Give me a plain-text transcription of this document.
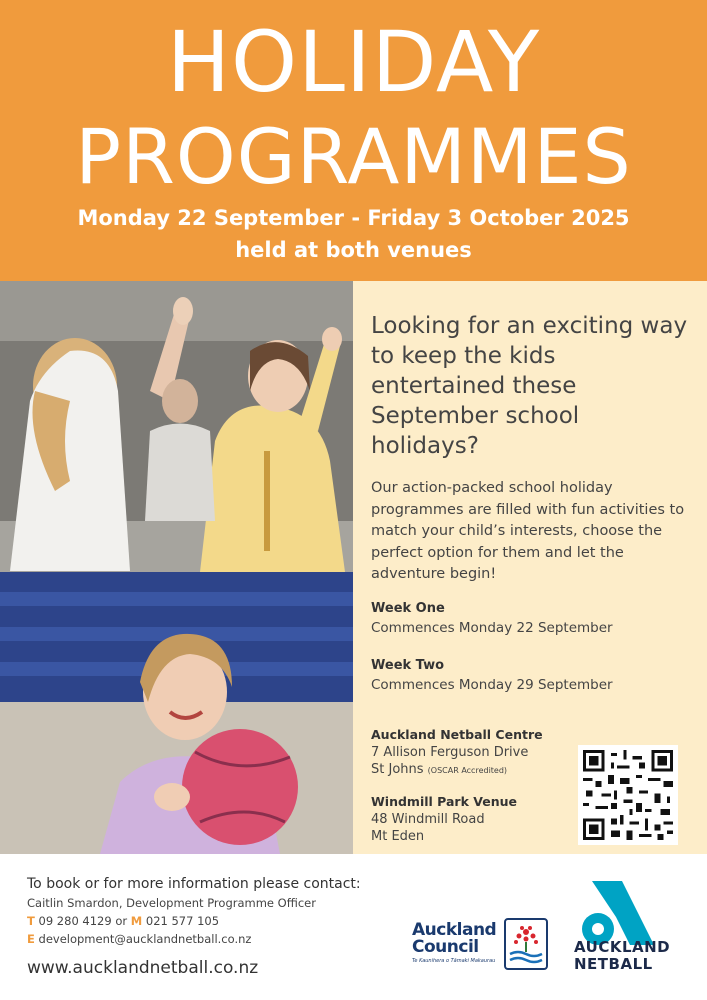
HOLIDAY
PROGRAMMES
Monday 22 September - Friday 3 October 2025
held at both venues
Looking for an exciting way to keep the kids entertained these September school holidays?
Our action-packed school holiday programmes are filled with fun activities to match your child’s interests, choose the perfect option for them and let the adventure begin!
Week One
Commences Monday 22 September
Week Two
Commences Monday 29 September
Auckland Netball Centre
7 Allison Ferguson Drive
St Johns (OSCAR Accredited)
Windmill Park Venue
48 Windmill Road
Mt Eden
To book or for more information please contact:
Caitlin Smardon, Development Programme Officer
T 09 280 4129 or M 021 577 105
E development@aucklandnetball.co.nz
www.aucklandnetball.co.nz
Auckland
Council
Te Kaunihera o Tāmaki Makaurau
AUCKLAND
NETBALL
